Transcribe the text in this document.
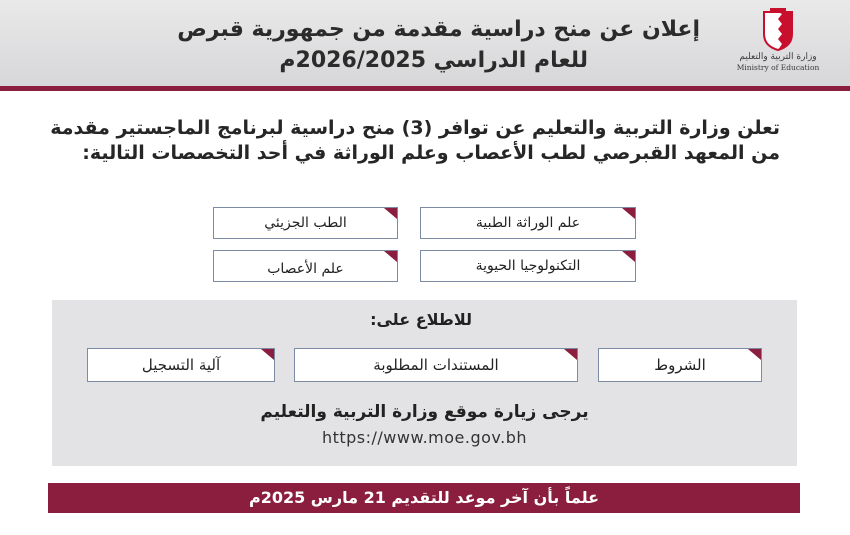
وزارة التربية والتعليم
Ministry of Education
إعلان عن منح دراسية مقدمة من جمهورية قبرص
للعام الدراسي 2026/2025م
تعلن وزارة التربية والتعليم عن توافر (3) منح دراسية لبرنامج الماجستير مقدمة من المعهد القبرصي لطب الأعصاب وعلم الوراثة في أحد التخصصات التالية:
علم الوراثة الطبية
الطب الجزيئي
التكنولوجيا الحيوية
علم الأعصاب
للاطلاع على:
الشروط
المستندات المطلوبة
آلية التسجيل
يرجى زيارة موقع وزارة التربية والتعليم
https://www.moe.gov.bh
علماً بأن آخر موعد للتقديم 21 مارس 2025م
